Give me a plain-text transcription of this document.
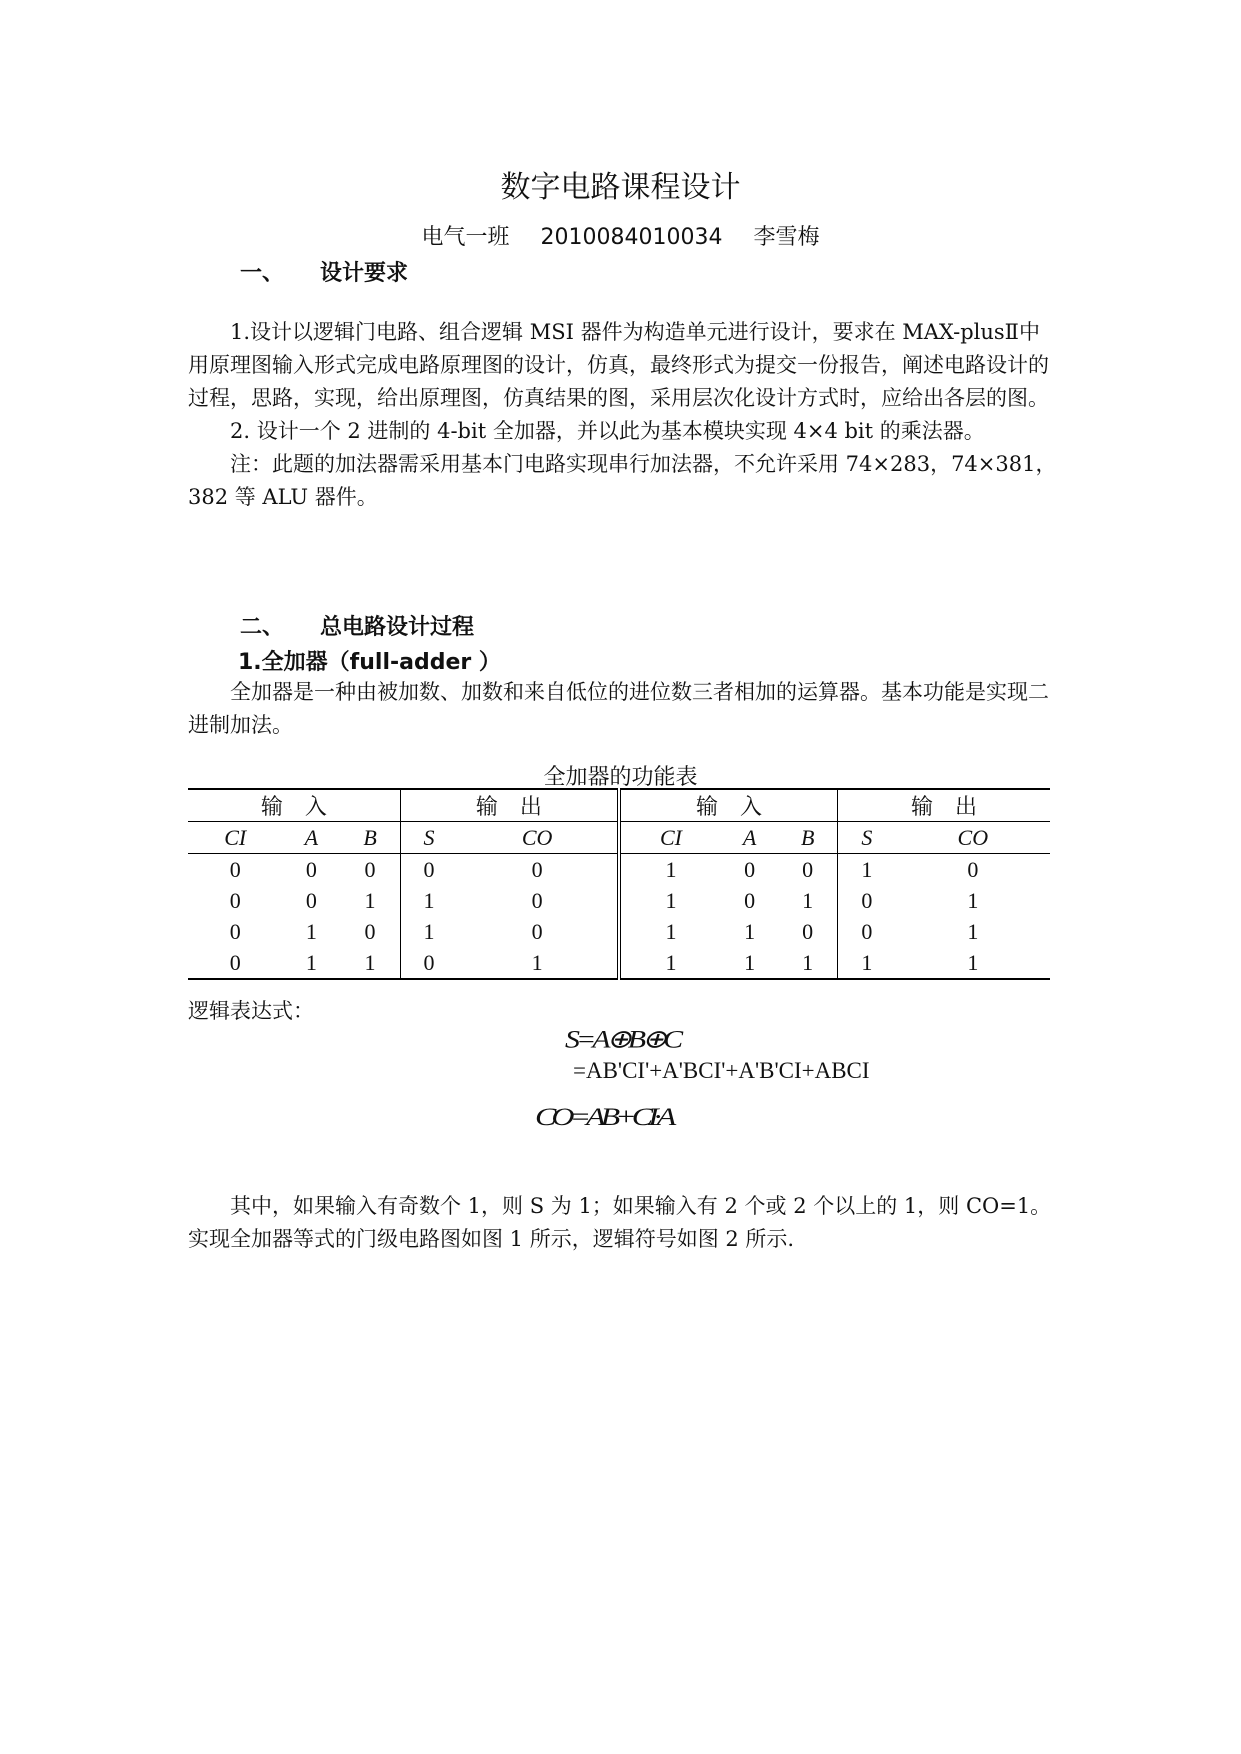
数字电路课程设计
电气一班 2010084010034 李雪梅
一、 设计要求

1.设计以逻辑门电路、组合逻辑 MSI 器件为构造单元进行设计，要求在 MAX-plusⅡ中用原理图输入形式完成电路原理图的设计，仿真，最终形式为提交一份报告，阐述电路设计的过程，思路，实现，给出原理图，仿真结果的图，采用层次化设计方式时，应给出各层的图。

2. 设计一个 2 进制的 4-bit 全加器，并以此为基本模块实现 4×4 bit 的乘法器。

注：此题的加法器需采用基本门电路实现串行加法器，不允许采用 74×283，74×381，382 等 ALU 器件。

二、 总电路设计过程
1.全加器（full-adder ）

全加器是一种由被加数、加数和来自低位的进位数三者相加的运算器。基本功能是实现二进制加法。

全加器的功能表
输　入			输　出		输　入			输　出	
CI	A	B	S	CO	CI	A	B	S	CO
0	0	0	0	0	1	0	0	1	0
0	0	1	1	0	1	0	1	0	1
0	1	0	1	0	1	1	0	0	1
0	1	1	0	1	1	1	1	1	1
逻辑表达式：
S=A⊕B⊕C
=AB'CI'+A'BCI'+A'B'CI+ABCI
CO=AB+CI·A

其中，如果输入有奇数个 1，则 S 为 1；如果输入有 2 个或 2 个以上的 1，则 CO=1。实现全加器等式的门级电路图如图 1 所示，逻辑符号如图 2 所示.
